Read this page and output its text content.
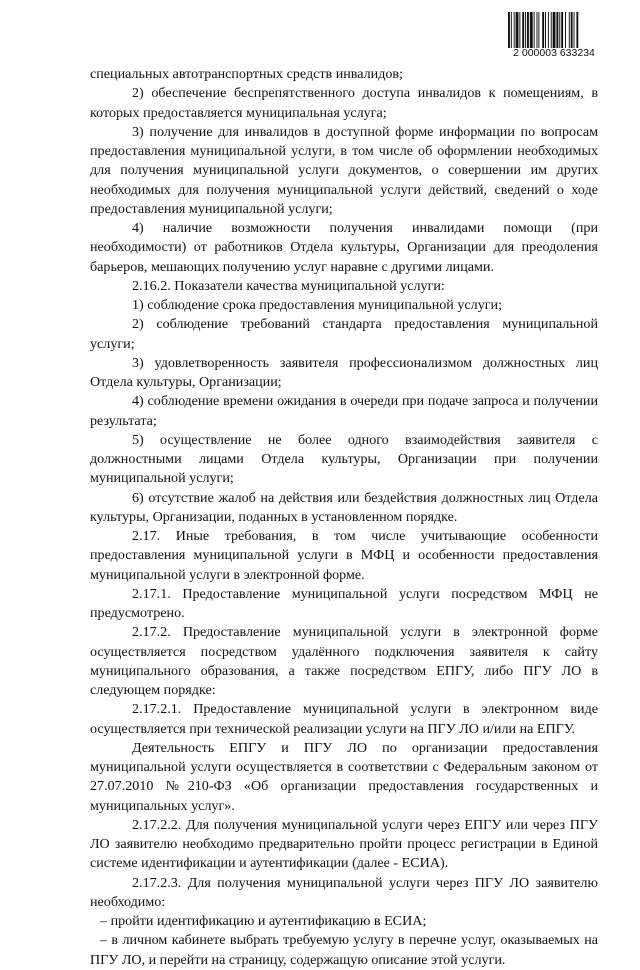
2 000003 633234

специальных автотранспортных средств инвалидов;

2) обеспечение беспрепятственного доступа инвалидов к помещениям, в которых предоставляется муниципальная услуга;

3) получение для инвалидов в доступной форме информации по вопросам предоставления муниципальной услуги, в том числе об оформлении необходимых для получения муниципальной услуги документов, о совершении им других необходимых для получения муниципальной услуги действий, сведений о ходе предоставления муниципальной услуги;

4) наличие возможности получения инвалидами помощи (при необходимости) от работников Отдела культуры, Организации для преодоления барьеров, мешающих получению услуг наравне с другими лицами.

2.16.2. Показатели качества муниципальной услуги:

1) соблюдение срока предоставления муниципальной услуги;

2) соблюдение требований стандарта предоставления муниципальной услуги;

3) удовлетворенность заявителя профессионализмом должностных лиц Отдела культуры, Организации;

4) соблюдение времени ожидания в очереди при подаче запроса и получении результата;

5) осуществление не более одного взаимодействия заявителя с должностными лицами Отдела культуры, Организации при получении муниципальной услуги;

6) отсутствие жалоб на действия или бездействия должностных лиц Отдела культуры, Организации, поданных в установленном порядке.

2.17. Иные требования, в том числе учитывающие особенности предоставления муниципальной услуги в МФЦ и особенности предоставления муниципальной услуги в электронной форме.

2.17.1. Предоставление муниципальной услуги посредством МФЦ не предусмотрено.

2.17.2. Предоставление муниципальной услуги в электронной форме осуществляется посредством удалённого подключения заявителя к сайту муниципального образования, а также посредством ЕПГУ, либо ПГУ ЛО в следующем порядке:

2.17.2.1. Предоставление муниципальной услуги в электронном виде осуществляется при технической реализации услуги на ПГУ ЛО и/или на ЕПГУ.

Деятельность ЕПГУ и ПГУ ЛО по организации предоставления муниципальной услуги осуществляется в соответствии с Федеральным законом от 27.07.2010 №210-ФЗ «Об организации предоставления государственных и муниципальных услуг».

2.17.2.2. Для получения муниципальной услуги через ЕПГУ или через ПГУ ЛО заявителю необходимо предварительно пройти процесс регистрации в Единой системе идентификации и аутентификации (далее - ЕСИА).

2.17.2.3. Для получения муниципальной услуги через ПГУ ЛО заявителю необходимо:

– пройти идентификацию и аутентификацию в ЕСИА;

– в личном кабинете выбрать требуемую услугу в перечне услуг, оказываемых на ПГУ ЛО, и перейти на страницу, содержащую описание этой услуги.
